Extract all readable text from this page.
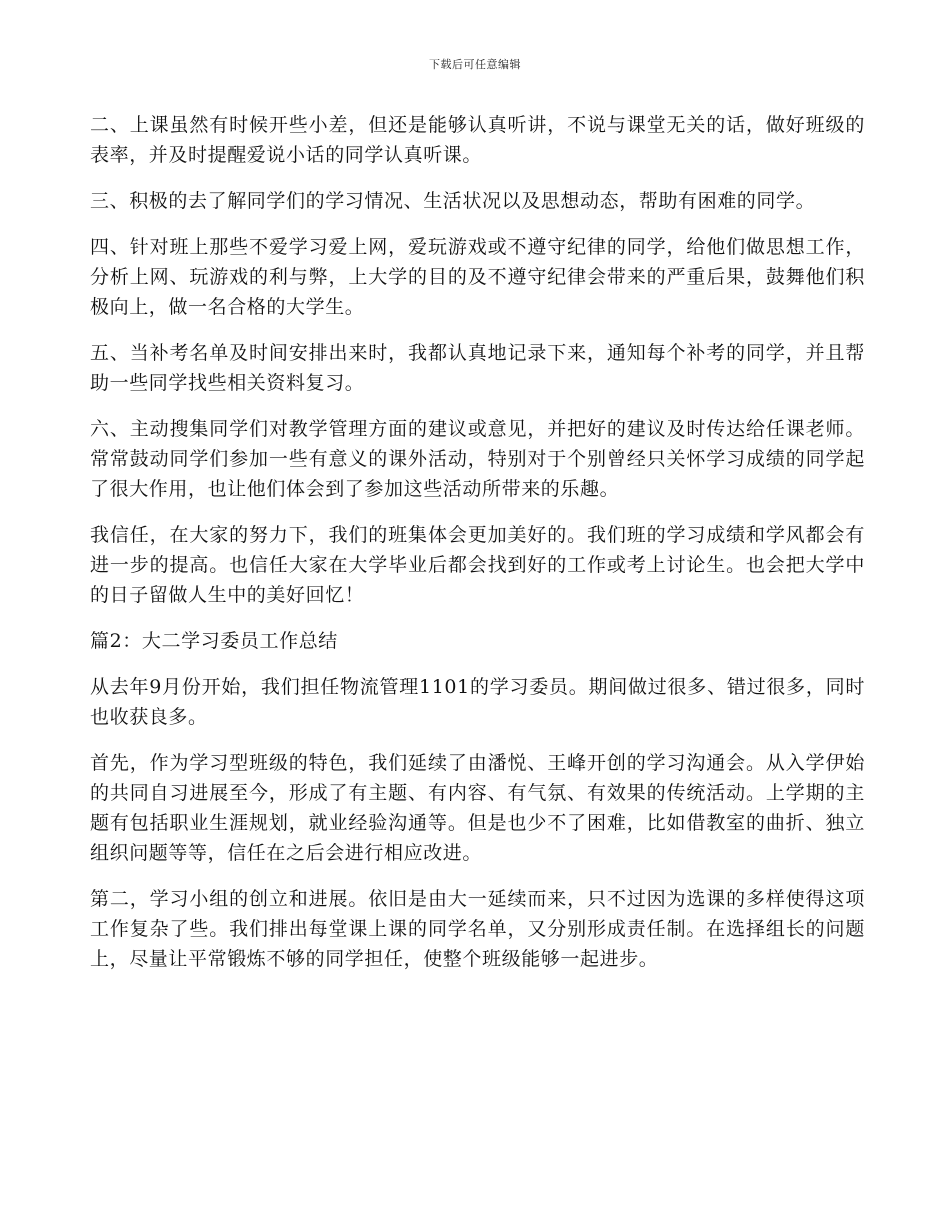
下载后可任意编辑

二、上课虽然有时候开些小差，但还是能够认真听讲，不说与课堂无关的话，做好班级的表率，并及时提醒爱说小话的同学认真听课。

三、积极的去了解同学们的学习情况、生活状况以及思想动态，帮助有困难的同学。

四、针对班上那些不爱学习爱上网，爱玩游戏或不遵守纪律的同学，给他们做思想工作，分析上网、玩游戏的利与弊，上大学的目的及不遵守纪律会带来的严重后果，鼓舞他们积极向上，做一名合格的大学生。

五、当补考名单及时间安排出来时，我都认真地记录下来，通知每个补考的同学，并且帮助一些同学找些相关资料复习。

六、主动搜集同学们对教学管理方面的建议或意见，并把好的建议及时传达给任课老师。常常鼓动同学们参加一些有意义的课外活动，特别对于个别曾经只关怀学习成绩的同学起了很大作用，也让他们体会到了参加这些活动所带来的乐趣。

我信任，在大家的努力下，我们的班集体会更加美好的。我们班的学习成绩和学风都会有进一步的提高。也信任大家在大学毕业后都会找到好的工作或考上讨论生。也会把大学中的日子留做人生中的美好回忆！

篇2：大二学习委员工作总结

从去年9月份开始，我们担任物流管理1101的学习委员。期间做过很多、错过很多，同时也收获良多。

首先，作为学习型班级的特色，我们延续了由潘悦、王峰开创的学习沟通会。从入学伊始的共同自习进展至今，形成了有主题、有内容、有气氛、有效果的传统活动。上学期的主题有包括职业生涯规划，就业经验沟通等。但是也少不了困难，比如借教室的曲折、独立组织问题等等，信任在之后会进行相应改进。

第二，学习小组的创立和进展。依旧是由大一延续而来，只不过因为选课的多样使得这项工作复杂了些。我们排出每堂课上课的同学名单，又分别形成责任制。在选择组长的问题上，尽量让平常锻炼不够的同学担任，使整个班级能够一起进步。
